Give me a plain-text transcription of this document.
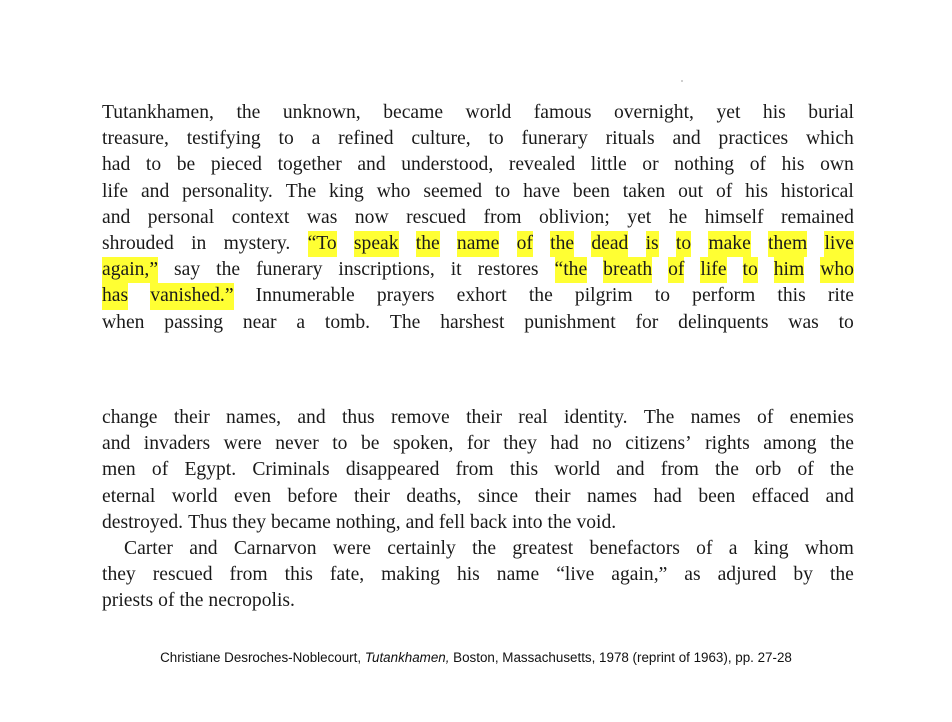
Tutankhamen, the unknown, became world famous overnight, yet his burial
treasure, testifying to a refined culture, to funerary rituals and practices which
had to be pieced together and understood, revealed little or nothing of his own
life and personality. The king who seemed to have been taken out of his historical
and personal context was now rescued from oblivion; yet he himself remained
shrouded in mystery. “To speak the name of the dead is to make them live
again,” say the funerary inscriptions, it restores “the breath of life to him who
has vanished.” Innumerable prayers exhort the pilgrim to perform this rite
when passing near a tomb. The harshest punishment for delinquents was to
change their names, and thus remove their real identity. The names of enemies
and invaders were never to be spoken, for they had no citizens’ rights among the
men of Egypt. Criminals disappeared from this world and from the orb of the
eternal world even before their deaths, since their names had been effaced and
destroyed. Thus they became nothing, and fell back into the void.
Carter and Carnarvon were certainly the greatest benefactors of a king whom
they rescued from this fate, making his name “live again,” as adjured by the
priests of the necropolis.
Christiane Desroches-Noblecourt, Tutankhamen, Boston, Massachusetts, 1978 (reprint of 1963), pp. 27-28
